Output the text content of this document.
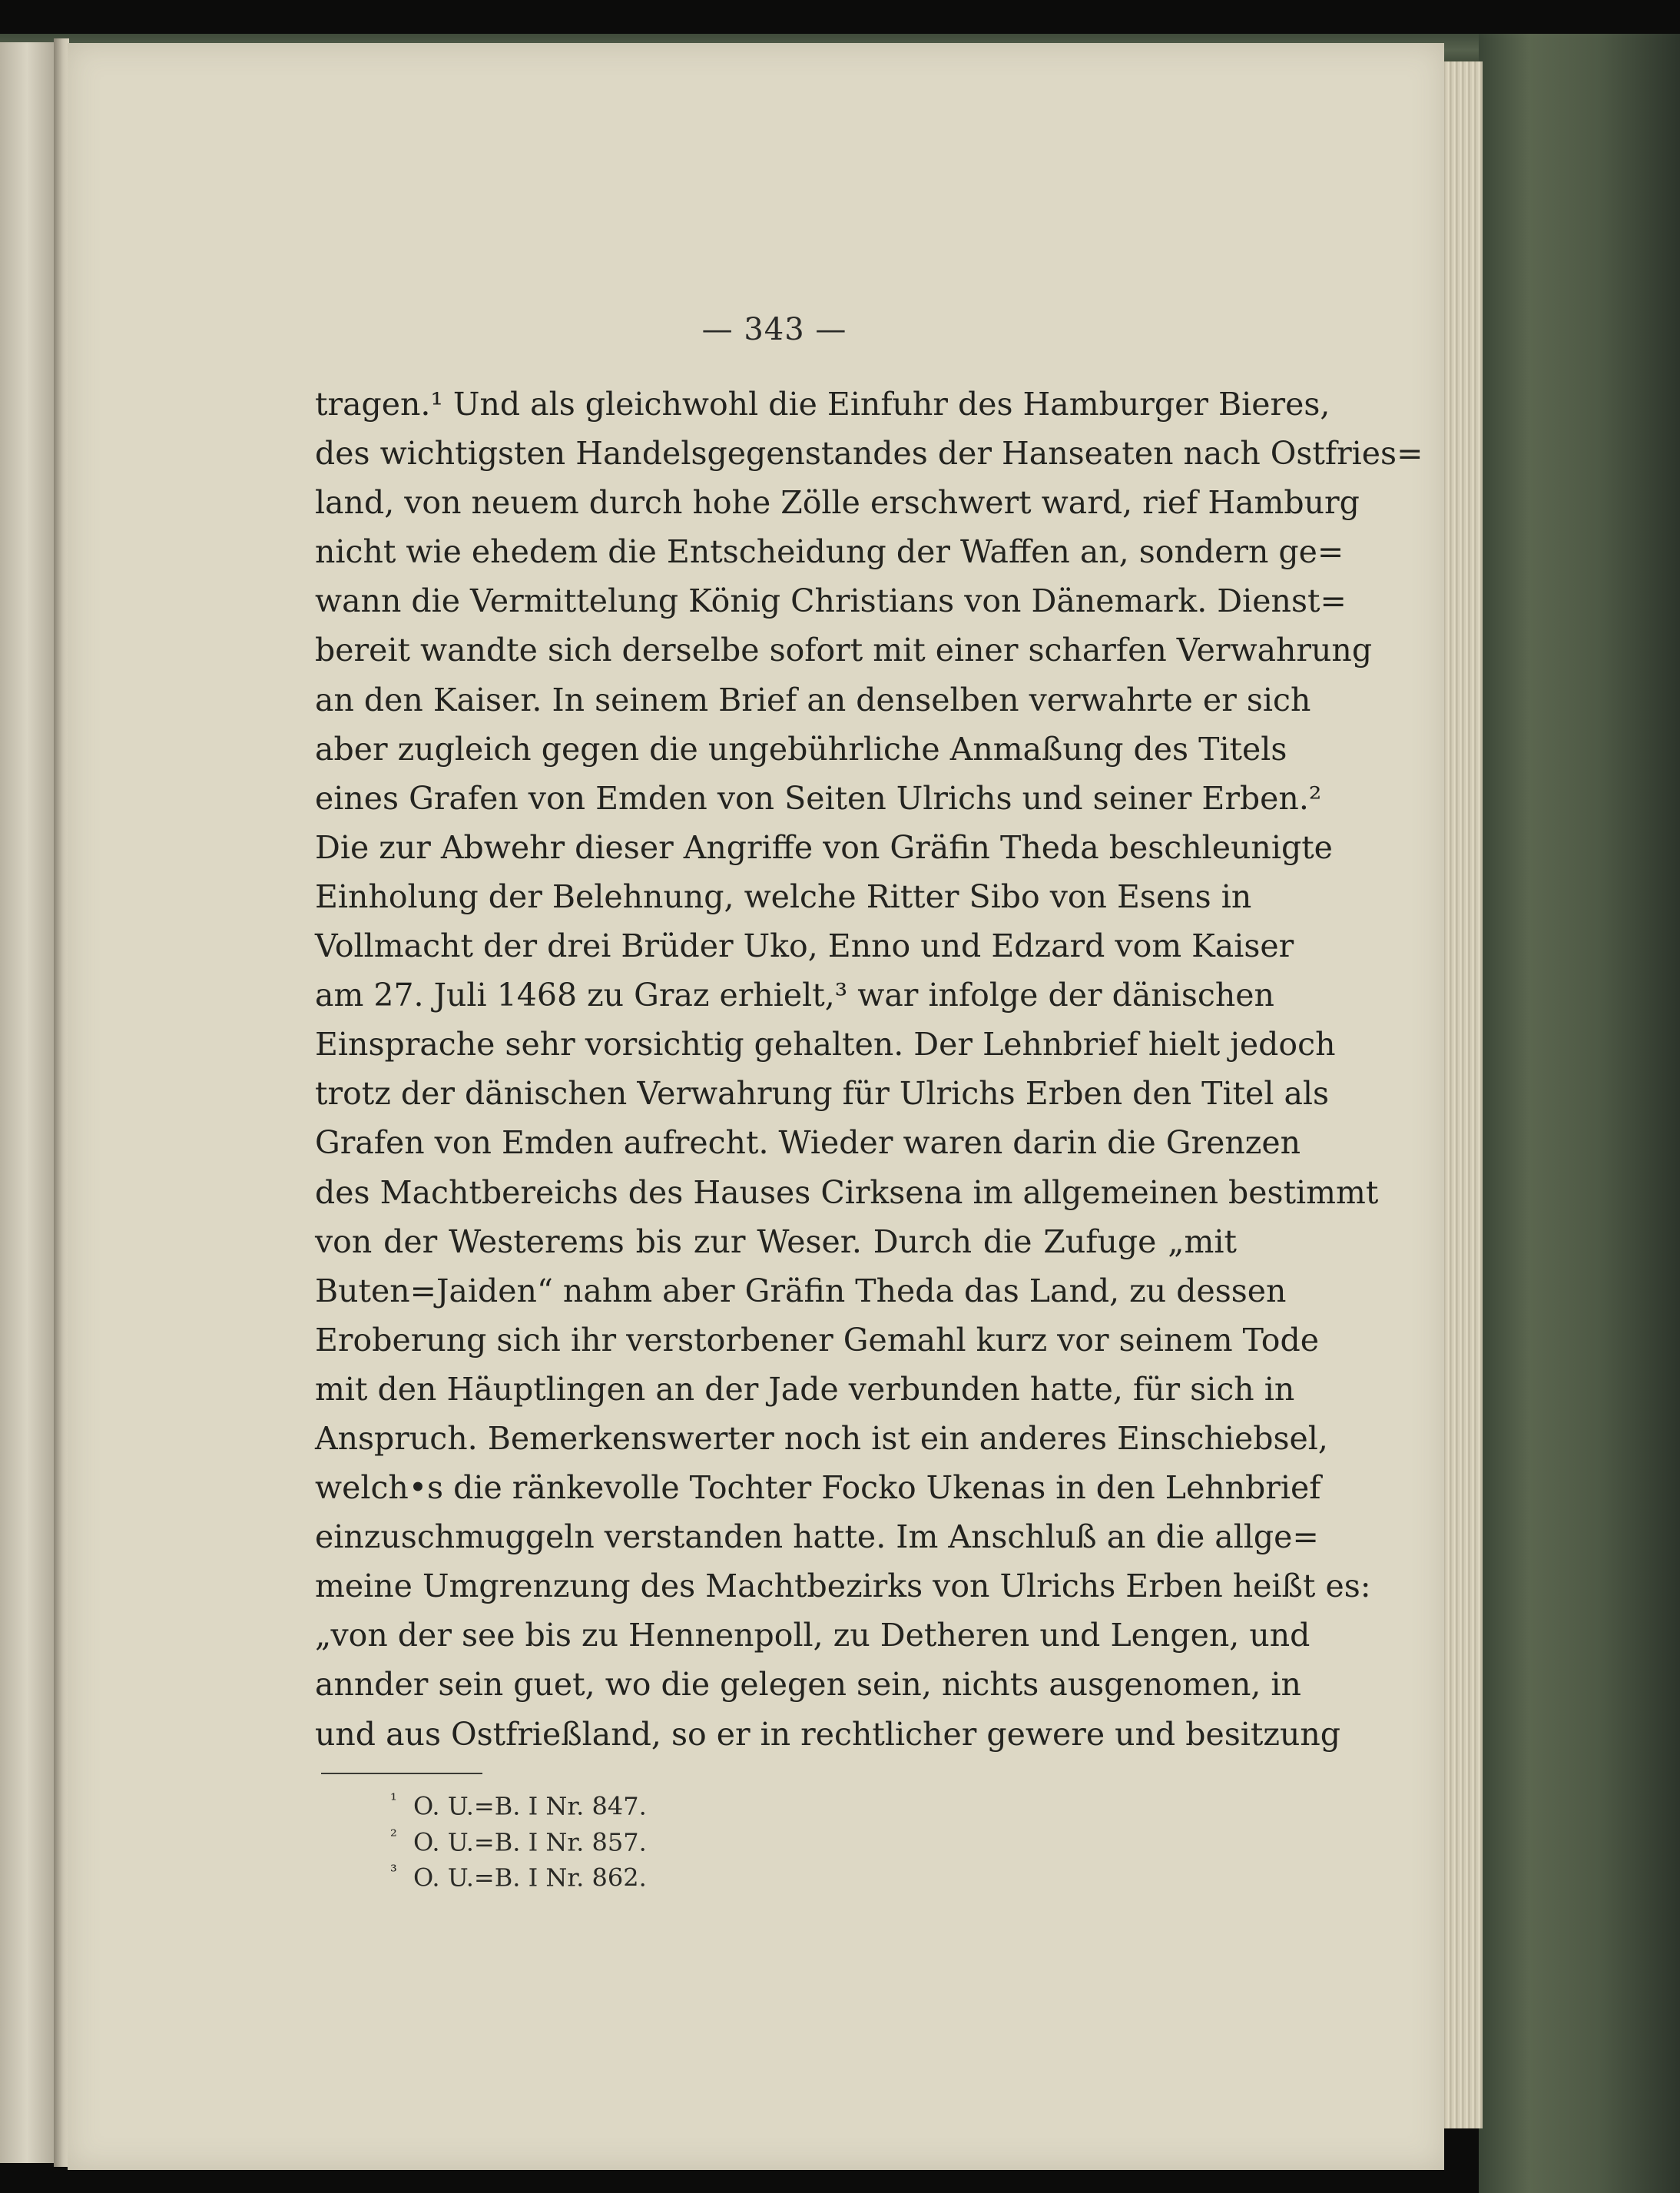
— 343 —
tragen.¹ Und als gleichwohl die Einfuhr des Hamburger Bieres,
des wichtigsten Handelsgegenstandes der Hanseaten nach Ostfries=
land, von neuem durch hohe Zölle erschwert ward, rief Hamburg
nicht wie ehedem die Entscheidung der Waffen an, sondern ge=
wann die Vermittelung König Christians von Dänemark. Dienst=
bereit wandte sich derselbe sofort mit einer scharfen Verwahrung
an den Kaiser. In seinem Brief an denselben verwahrte er sich
aber zugleich gegen die ungebührliche Anmaßung des Titels
eines Grafen von Emden von Seiten Ulrichs und seiner Erben.²
Die zur Abwehr dieser Angriffe von Gräfin Theda beschleunigte
Einholung der Belehnung, welche Ritter Sibo von Esens in
Vollmacht der drei Brüder Uko, Enno und Edzard vom Kaiser
am 27. Juli 1468 zu Graz erhielt,³ war infolge der dänischen
Einsprache sehr vorsichtig gehalten. Der Lehnbrief hielt jedoch
trotz der dänischen Verwahrung für Ulrichs Erben den Titel als
Grafen von Emden aufrecht. Wieder waren darin die Grenzen
des Machtbereichs des Hauses Cirksena im allgemeinen bestimmt
von der Westerems bis zur Weser. Durch die Zufuge „mit
Buten=Jaiden“ nahm aber Gräfin Theda das Land, zu dessen
Eroberung sich ihr verstorbener Gemahl kurz vor seinem Tode
mit den Häuptlingen an der Jade verbunden hatte, für sich in
Anspruch. Bemerkenswerter noch ist ein anderes Einschiebsel,
welch•s die ränkevolle Tochter Focko Ukenas in den Lehnbrief
einzuschmuggeln verstanden hatte. Im Anschluß an die allge=
meine Umgrenzung des Machtbezirks von Ulrichs Erben heißt es:
„von der see bis zu Hennenpoll, zu Detheren und Lengen, und
annder sein guet, wo die gelegen sein, nichts ausgenomen, in
und aus Ostfrießland, so er in rechtlicher gewere und besitzung
¹ O. U.=B. I Nr. 847.
² O. U.=B. I Nr. 857.
³ O. U.=B. I Nr. 862.
